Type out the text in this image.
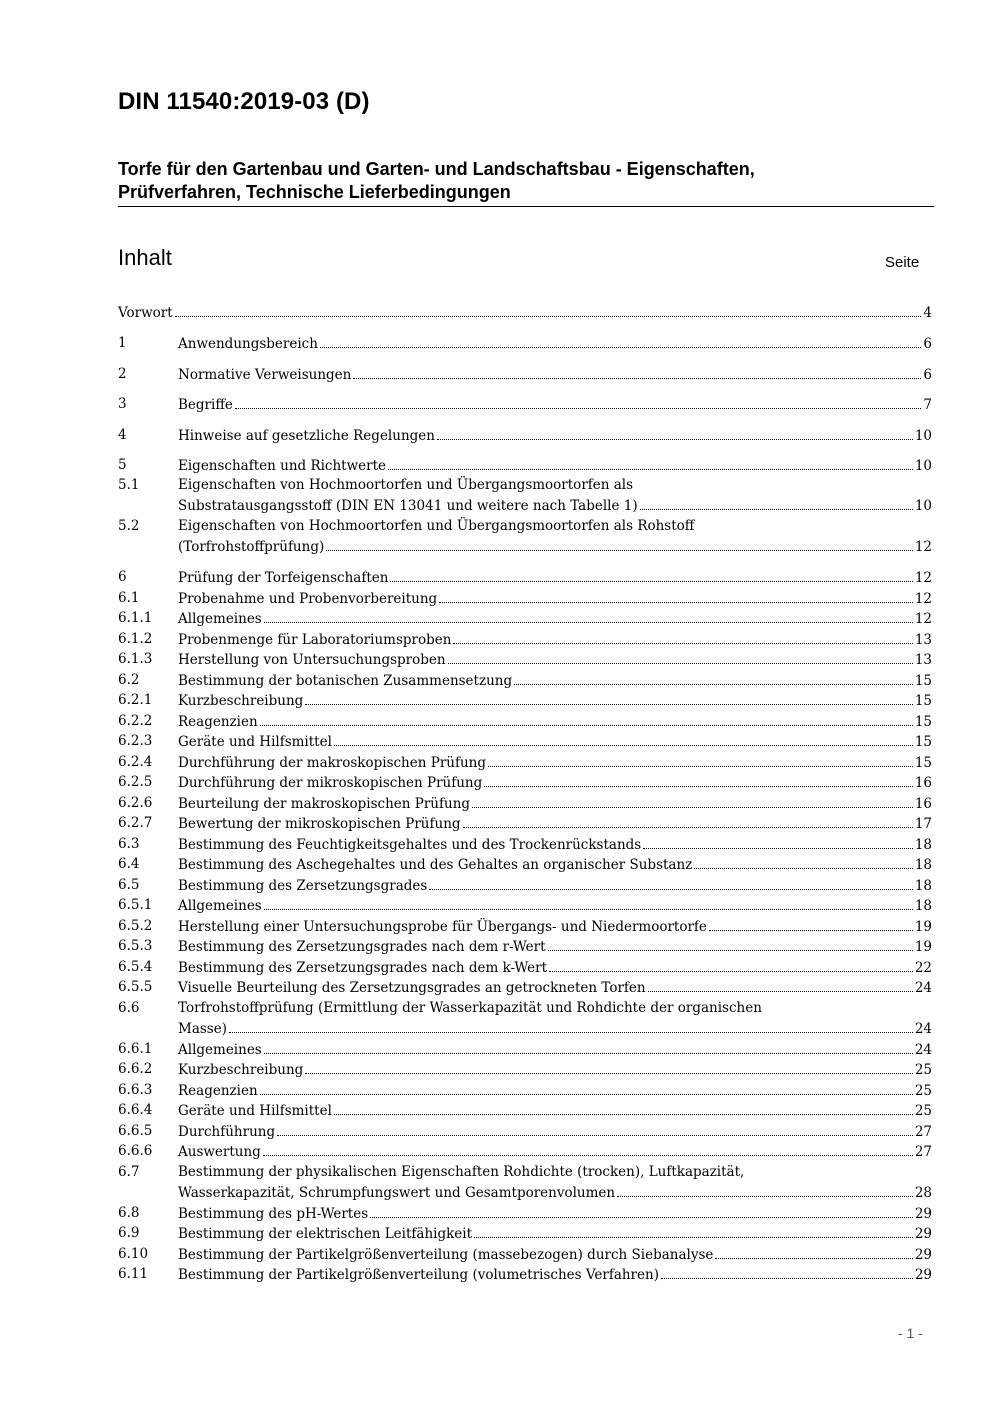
DIN 11540:2019-03 (D)
Torfe für den Gartenbau und Garten- und Landschaftsbau - Eigenschaften, Prüfverfahren, Technische Lieferbedingungen
Inhalt	Seite
Vorwort	4
1	Anwendungsbereich	6
2	Normative Verweisungen	6
3	Begriffe	7
4	Hinweise auf gesetzliche Regelungen	10
5	Eigenschaften und Richtwerte	10
5.1	Eigenschaften von Hochmoortorfen und Übergangsmoortorfen als
Substratausgangsstoff (DIN EN 13041 und weitere nach Tabelle 1)	10
5.2	Eigenschaften von Hochmoortorfen und Übergangsmoortorfen als Rohstoff
(Torfrohstoffprüfung)	12
6	Prüfung der Torfeigenschaften	12
6.1	Probenahme und Probenvorbereitung	12
6.1.1 Allgemeines	12
6.1.2 Probenmenge für Laboratoriumsproben	13
6.1.3 Herstellung von Untersuchungsproben	13
6.2	Bestimmung der botanischen Zusammensetzung	15
6.2.1 Kurzbeschreibung	15
6.2.2 Reagenzien	15
6.2.3 Geräte und Hilfsmittel	15
6.2.4 Durchführung der makroskopischen Prüfung	15
6.2.5 Durchführung der mikroskopischen Prüfung	16
6.2.6 Beurteilung der makroskopischen Prüfung	16
6.2.7 Bewertung der mikroskopischen Prüfung	17
6.3	Bestimmung des Feuchtigkeitsgehaltes und des Trockenrückstands	18
6.4	Bestimmung des Aschegehaltes und des Gehaltes an organischer Substanz	18
6.5	Bestimmung des Zersetzungsgrades	18
6.5.1 Allgemeines	18
6.5.2 Herstellung einer Untersuchungsprobe für Übergangs- und Niedermoortorfe	19
6.5.3 Bestimmung des Zersetzungsgrades nach dem r-Wert	19
6.5.4 Bestimmung des Zersetzungsgrades nach dem k-Wert	22
6.5.5 Visuelle Beurteilung des Zersetzungsgrades an getrockneten Torfen	24
6.6	Torfrohstoffprüfung (Ermittlung der Wasserkapazität und Rohdichte der organischen
Masse)	24
6.6.1 Allgemeines	24
6.6.2 Kurzbeschreibung	25
6.6.3 Reagenzien	25
6.6.4 Geräte und Hilfsmittel	25
6.6.5 Durchführung	27
6.6.6 Auswertung	27
6.7	Bestimmung der physikalischen Eigenschaften Rohdichte (trocken), Luftkapazität,
Wasserkapazität, Schrumpfungswert und Gesamtporenvolumen	28
6.8	Bestimmung des pH-Wertes	29
6.9	Bestimmung der elektrischen Leitfähigkeit	29
6.10 Bestimmung der Partikelgrößenverteilung (massebezogen) durch Siebanalyse	29
6.11 Bestimmung der Partikelgrößenverteilung (volumetrisches Verfahren)	29
- 1 -
